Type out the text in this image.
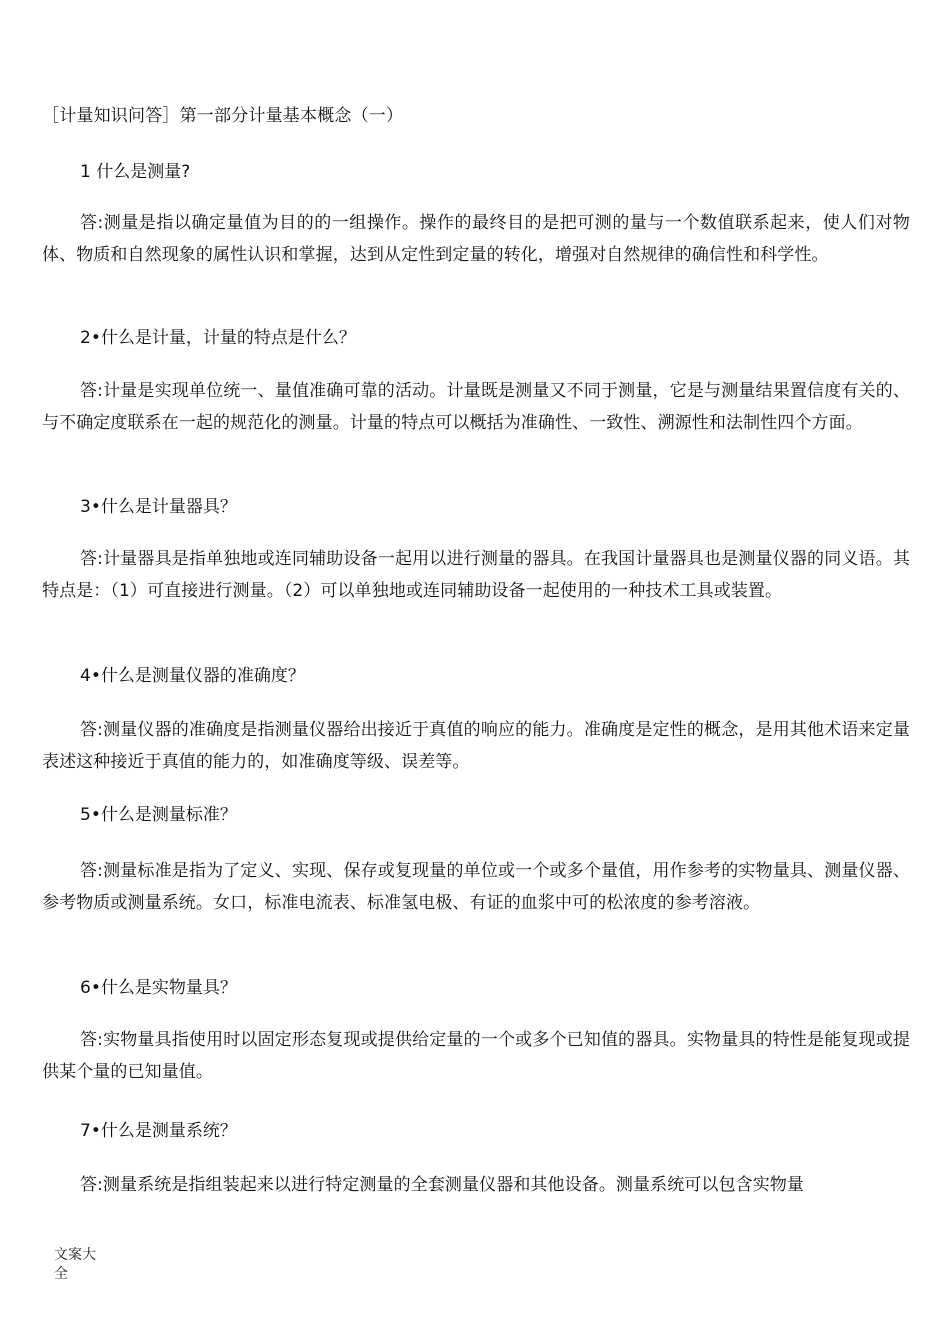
［计量知识问答］第一部分计量基本概念（一）
1 什么是测量?
答:测量是指以确定量值为目的的一组操作。操作的最终目的是把可测的量与一个数值联系起来，使人们对物体、物质和自然现象的属性认识和掌握，达到从定性到定量的转化，增强对自然规律的确信性和科学性。
2•什么是计量，计量的特点是什么？
答:计量是实现单位统一、量值准确可靠的活动。计量既是测量又不同于测量，它是与测量结果置信度有关的、与不确定度联系在一起的规范化的测量。计量的特点可以概括为准确性、一致性、溯源性和法制性四个方面。
3•什么是计量器具？
答:计量器具是指单独地或连同辅助设备一起用以进行测量的器具。在我国计量器具也是测量仪器的同义语。其特点是：（1）可直接进行测量。（2）可以单独地或连同辅助设备一起使用的一种技术工具或装置。
4•什么是测量仪器的准确度？
答:测量仪器的准确度是指测量仪器给出接近于真值的响应的能力。准确度是定性的概念，是用其他术语来定量表述这种接近于真值的能力的，如准确度等级、误差等。
5•什么是测量标准？
答:测量标准是指为了定义、实现、保存或复现量的单位或一个或多个量值，用作参考的实物量具、测量仪器、参考物质或测量系统。女口，标准电流表、标准氢电极、有证的血浆中可的松浓度的参考溶液。
6•什么是实物量具？
答:实物量具指使用时以固定形态复现或提供给定量的一个或多个已知值的器具。实物量具的特性是能复现或提供某个量的已知量值。
7•什么是测量系统？
答:测量系统是指组装起来以进行特定测量的全套测量仪器和其他设备。测量系统可以包含实物量
文案大全
